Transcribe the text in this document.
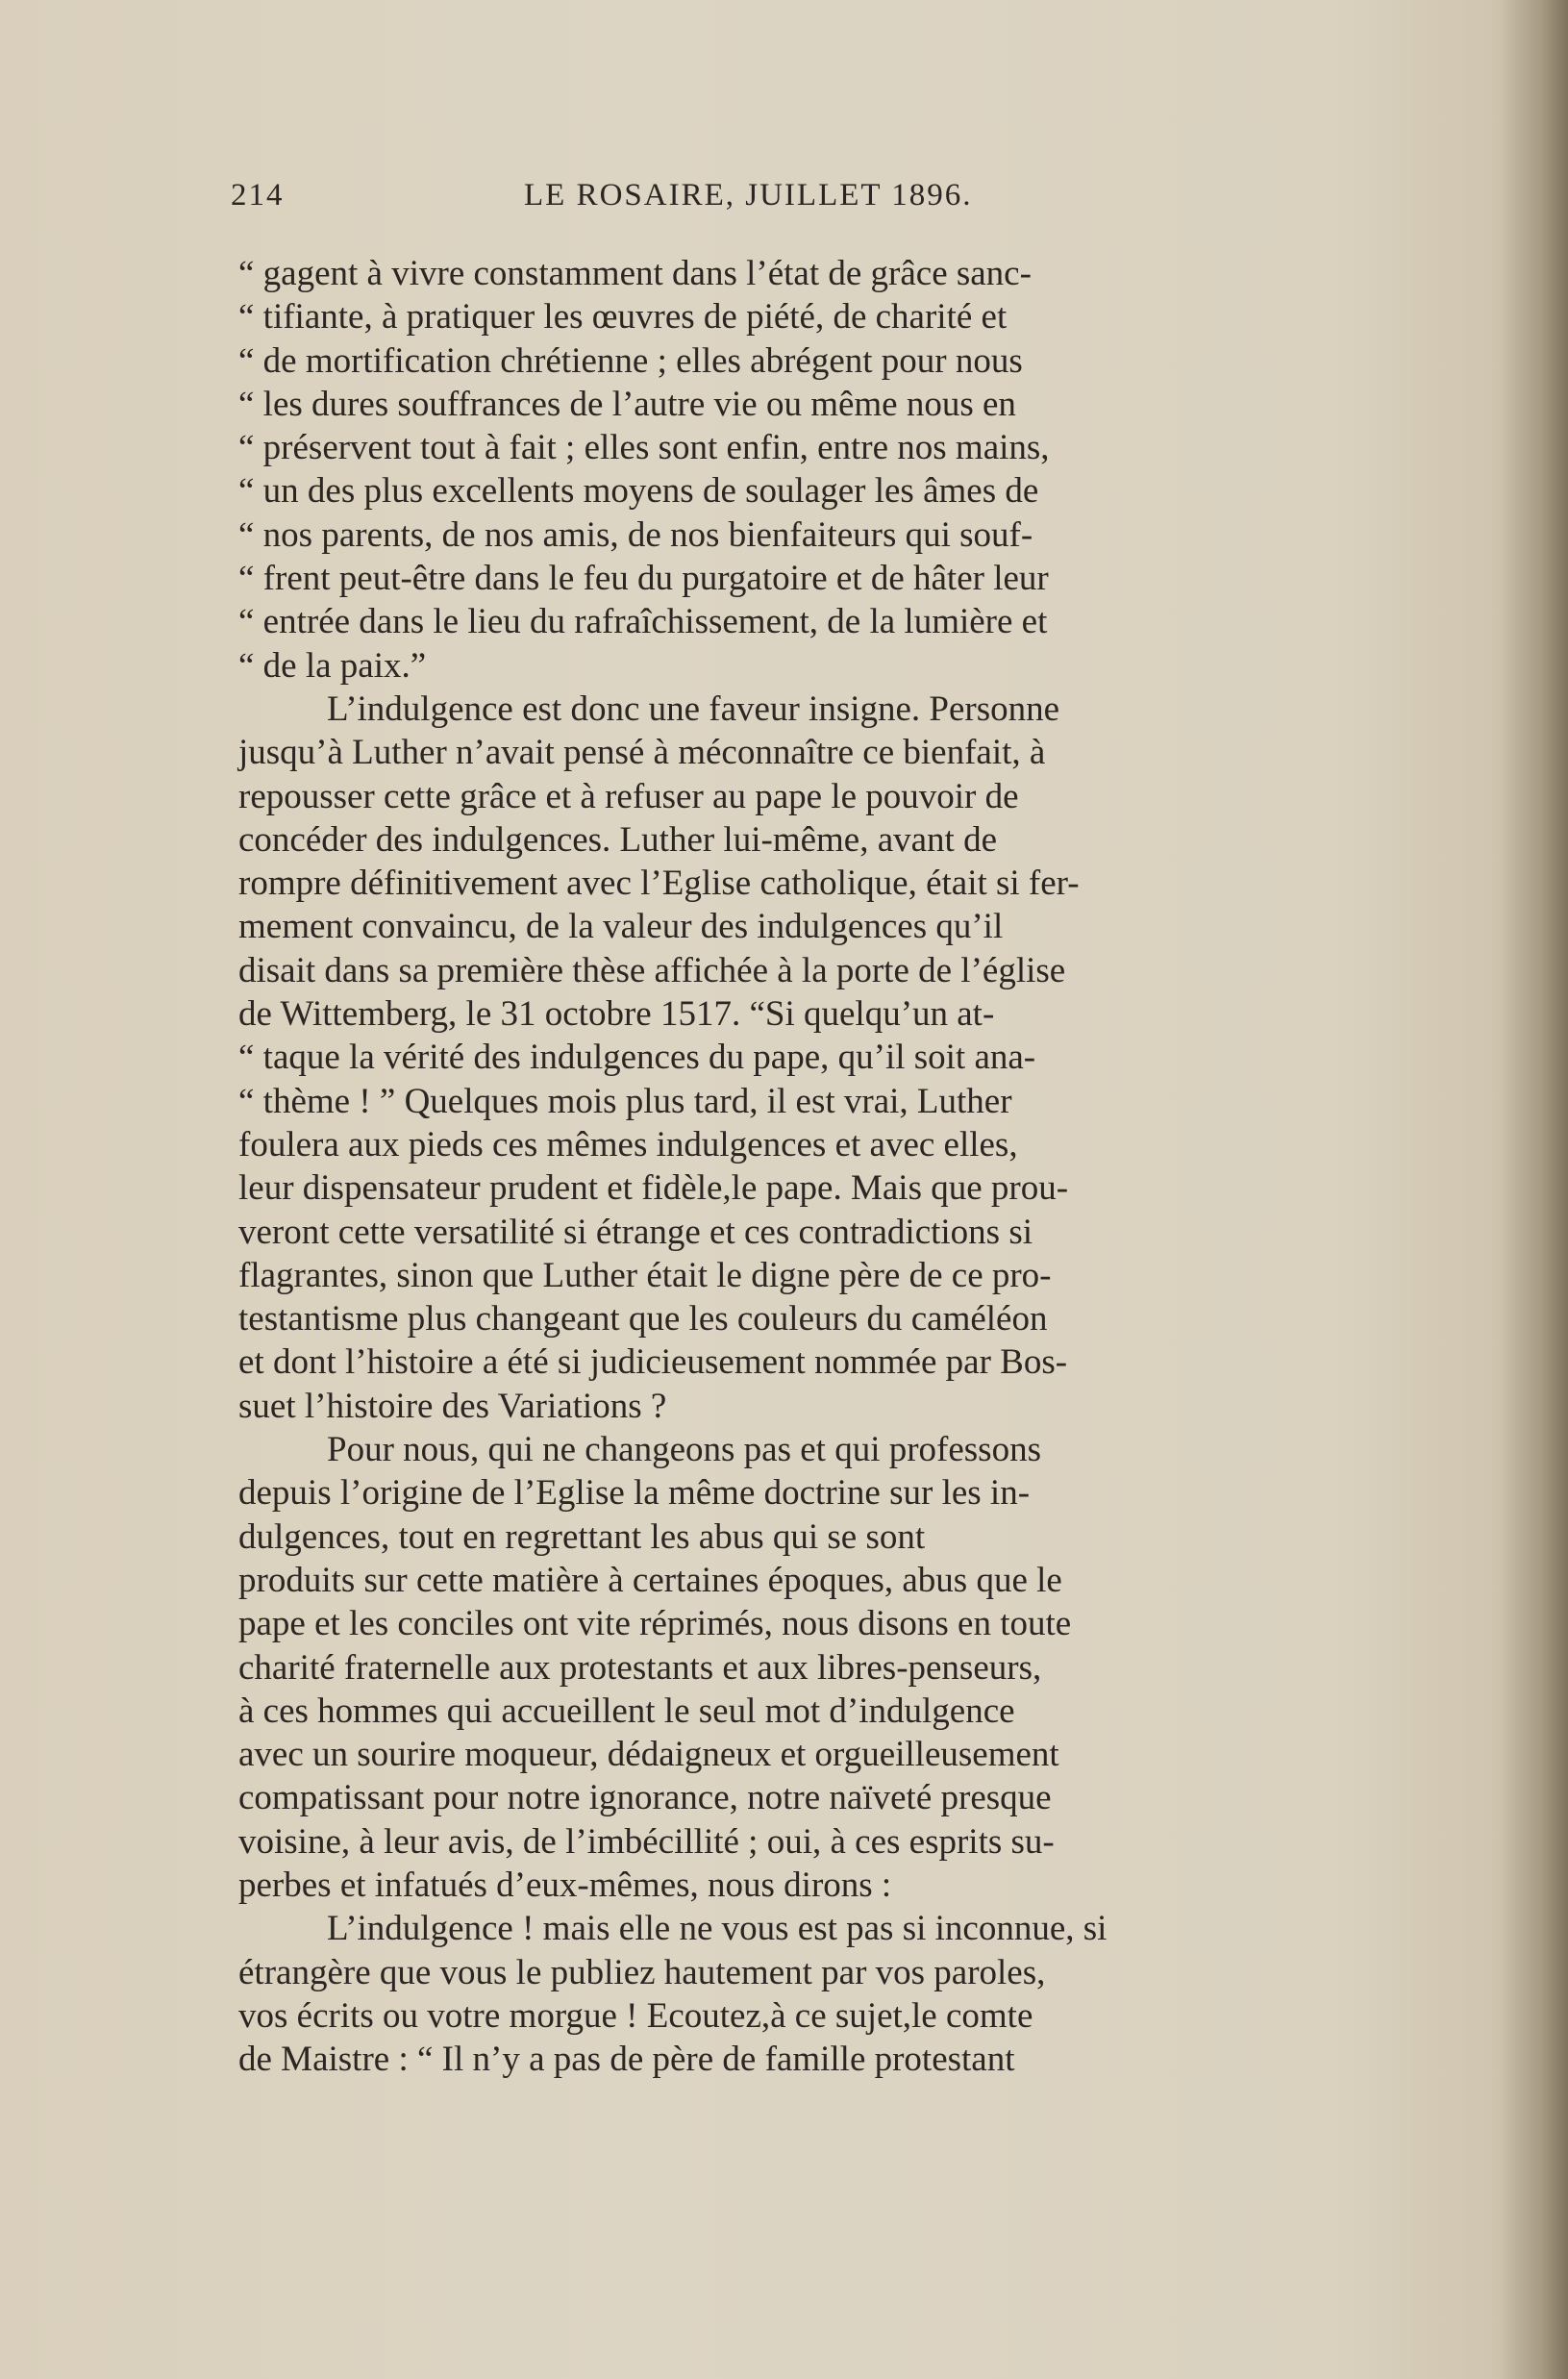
214	LE ROSAIRE, JUILLET 1896.
“ gagent à vivre constamment dans l’état de grâce sanc-
“ tifiante, à pratiquer les œuvres de piété, de charité et
“ de mortification chrétienne ; elles abrégent pour nous
“ les dures souffrances de l’autre vie ou même nous en
“ préservent tout à fait ; elles sont enfin, entre nos mains,
“ un des plus excellents moyens de soulager les âmes de
“ nos parents, de nos amis, de nos bienfaiteurs qui souf-
“ frent peut-être dans le feu du purgatoire et de hâter leur
“ entrée dans le lieu du rafraîchissement, de la lumière et
“ de la paix.”
L’indulgence est donc une faveur insigne. Personne
jusqu’à Luther n’avait pensé à méconnaître ce bienfait, à
repousser cette grâce et à refuser au pape le pouvoir de
concéder des indulgences. Luther lui-même, avant de
rompre définitivement avec l’Eglise catholique, était si fer-
mement convaincu, de la valeur des indulgences qu’il
disait dans sa première thèse affichée à la porte de l’église
de Wittemberg, le 31 octobre 1517. “Si quelqu’un at-
“ taque la vérité des indulgences du pape, qu’il soit ana-
“ thème ! ” Quelques mois plus tard, il est vrai, Luther
foulera aux pieds ces mêmes indulgences et avec elles,
leur dispensateur prudent et fidèle,le pape. Mais que prou-
veront cette versatilité si étrange et ces contradictions si
flagrantes, sinon que Luther était le digne père de ce pro-
testantisme plus changeant que les couleurs du caméléon
et dont l’histoire a été si judicieusement nommée par Bos-
suet l’histoire des Variations ?
Pour nous, qui ne changeons pas et qui professons
depuis l’origine de l’Eglise la même doctrine sur les in-
dulgences, tout en regrettant les abus qui se sont
produits sur cette matière à certaines époques, abus que le
pape et les conciles ont vite réprimés, nous disons en toute
charité fraternelle aux protestants et aux libres-penseurs,
à ces hommes qui accueillent le seul mot d’indulgence
avec un sourire moqueur, dédaigneux et orgueilleusement
compatissant pour notre ignorance, notre naïveté presque
voisine, à leur avis, de l’imbécillité ; oui, à ces esprits su-
perbes et infatués d’eux-mêmes, nous dirons :
L’indulgence ! mais elle ne vous est pas si inconnue, si
étrangère que vous le publiez hautement par vos paroles,
vos écrits ou votre morgue ! Ecoutez,à ce sujet,le comte
de Maistre : “ Il n’y a pas de père de famille protestant
